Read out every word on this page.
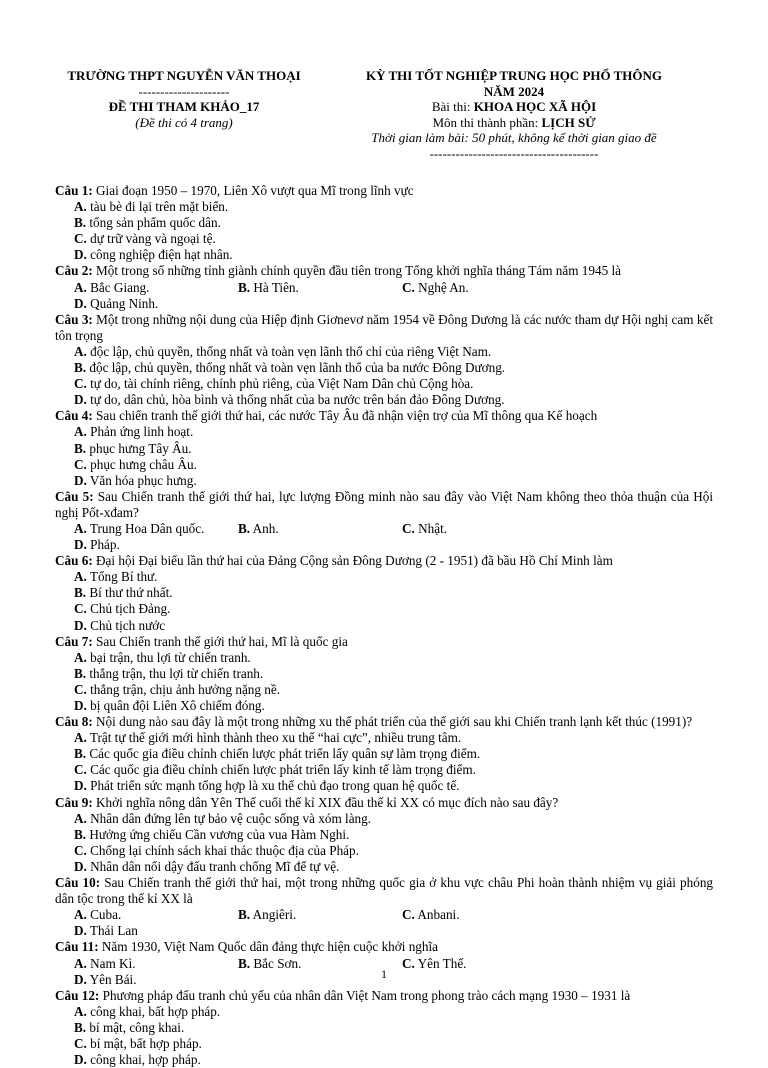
TRƯỜNG THPT NGUYỄN VĂN THOẠI
---------------------
ĐỀ THI THAM KHẢO_17
(Đề thi có 4 trang)
KỲ THI TỐT NGHIỆP TRUNG HỌC PHỔ THÔNG
NĂM 2024
Bài thi: KHOA HỌC XÃ HỘI
Môn thi thành phần: LỊCH SỬ
Thời gian làm bài: 50 phút, không kể thời gian giao đề
---------------------------------------

Câu 1: Giai đoạn 1950 – 1970, Liên Xô vượt qua Mĩ trong lĩnh vực

A. tàu bè đi lại trên mặt biển.
B. tổng sản phẩm quốc dân.
C. dự trữ vàng và ngoại tệ.
D. công nghiệp điện hạt nhân.

Câu 2: Một trong số những tỉnh giành chính quyền đầu tiên trong Tổng khởi nghĩa tháng Tám năm 1945 là

A. Bắc Giang.	B. Hà Tiên.	C. Nghệ An.
D. Quảng Ninh.

Câu 3: Một trong những nội dung của Hiệp định Giơnevơ năm 1954 về Đông Dương là các nước tham dự Hội nghị cam kết tôn trọng

A. độc lập, chủ quyền, thống nhất và toàn vẹn lãnh thổ chỉ của riêng Việt Nam.
B. độc lập, chủ quyền, thống nhất và toàn vẹn lãnh thổ của ba nước Đông Dương.
C. tự do, tài chính riêng, chính phủ riêng, của Việt Nam Dân chủ Cộng hòa.
D. tự do, dân chủ, hòa bình và thống nhất của ba nước trên bán đảo Đông Dương.

Câu 4: Sau chiến tranh thế giới thứ hai, các nước Tây Âu đã nhận viện trợ của Mĩ thông qua Kế hoạch

A. Phản ứng linh hoạt.
B. phục hưng Tây Âu.
C. phục hưng châu Âu.
D. Văn hóa phục hưng.

Câu 5: Sau Chiến tranh thế giới thứ hai, lực lượng Đồng minh nào sau đây vào Việt Nam không theo thỏa thuận của Hội nghị Pốt-xđam?

A. Trung Hoa Dân quốc.	B. Anh.	C. Nhật.
D. Pháp.

Câu 6: Đại hội Đại biểu lần thứ hai của Đảng Cộng sản Đông Dương (2 - 1951) đã bầu Hồ Chí Minh làm

A. Tổng Bí thư.
B. Bí thư thứ nhất.
C. Chủ tịch Đảng.
D. Chủ tịch nước

Câu 7: Sau Chiến tranh thế giới thứ hai, Mĩ là quốc gia

A. bại trận, thu lợi từ chiến tranh.
B. thắng trận, thu lợi từ chiến tranh.
C. thắng trận, chịu ảnh hưởng nặng nề.
D. bị quân đội Liên Xô chiếm đóng.

Câu 8: Nội dung nào sau đây là một trong những xu thế phát triển của thế giới sau khi Chiến tranh lạnh kết thúc (1991)?

A. Trật tự thế giới mới hình thành theo xu thế “hai cực”, nhiều trung tâm.
B. Các quốc gia điều chỉnh chiến lược phát triển lấy quân sự làm trọng điểm.
C. Các quốc gia điều chỉnh chiến lược phát triển lấy kinh tế làm trọng điểm.
D. Phát triển sức mạnh tổng hợp là xu thế chủ đạo trong quan hệ quốc tế.

Câu 9: Khởi nghĩa nông dân Yên Thế cuối thế kỉ XIX đầu thế kỉ XX có mục đích nào sau đây?

A. Nhân dân đứng lên tự bảo vệ cuộc sống và xóm làng.
B. Hưởng ứng chiếu Cần vương của vua Hàm Nghi.
C. Chống lại chính sách khai thác thuộc địa của Pháp.
D. Nhân dân nổi dậy đấu tranh chống Mĩ để tự vệ.

Câu 10: Sau Chiến tranh thế giới thứ hai, một trong những quốc gia ở khu vực châu Phi hoàn thành nhiệm vụ giải phóng dân tộc trong thế kỉ XX là

A. Cuba.	B. Angiêri.	C. Anbani.
D. Thái Lan

Câu 11: Năm 1930, Việt Nam Quốc dân đảng thực hiện cuộc khởi nghĩa

A. Nam Kì.	B. Bắc Sơn.	C. Yên Thế.
D. Yên Bái.

Câu 12: Phương pháp đấu tranh chủ yếu của nhân dân Việt Nam trong phong trào cách mạng 1930 – 1931 là

A. công khai, bất hợp pháp.
B. bí mật, công khai.
C. bí mật, bất hợp pháp.
D. công khai, hợp pháp.
1
